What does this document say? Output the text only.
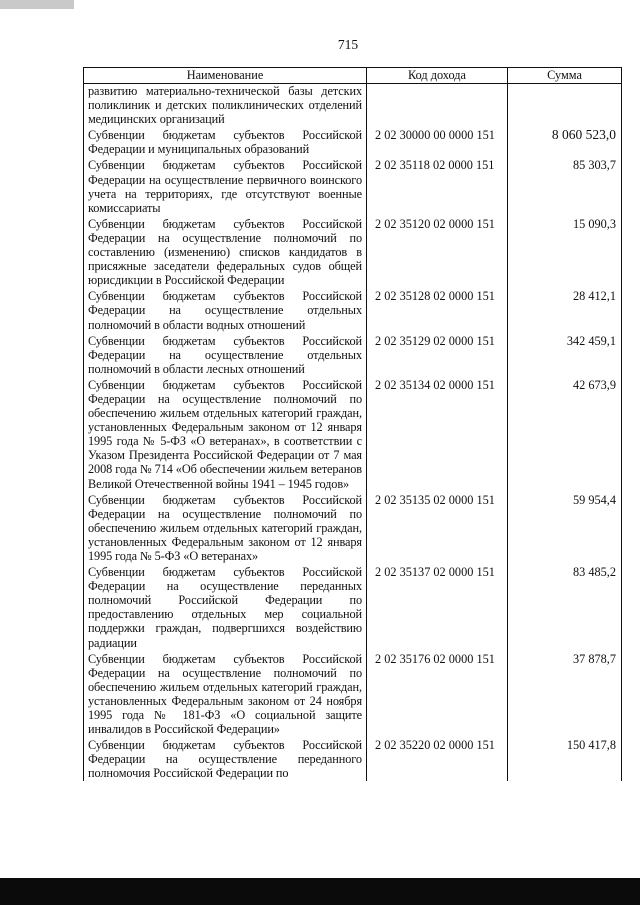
715
Наименование	Код дохода	Сумма
развитию материально-технической базы детских поликлиник и детских поликлинических отделений медицинских организаций		
Субвенции бюджетам субъектов Российской Федерации и муниципальных образований	2 02 30000 00 0000 151	8 060 523,0
Субвенции бюджетам субъектов Российской Федерации на осуществление первичного воинского учета на территориях, где отсутствуют военные комиссариаты	2 02 35118 02 0000 151	85 303,7
Субвенции бюджетам субъектов Российской Федерации на осуществление полномочий по составлению (изменению) списков кандидатов в присяжные заседатели федеральных судов общей юрисдикции в Российской Федерации	2 02 35120 02 0000 151	15 090,3
Субвенции бюджетам субъектов Российской Федерации на осуществление отдельных полномочий в области водных отношений	2 02 35128 02 0000 151	28 412,1
Субвенции бюджетам субъектов Российской Федерации на осуществление отдельных полномочий в области лесных отношений	2 02 35129 02 0000 151	342 459,1
Субвенции бюджетам субъектов Российской Федерации на осуществление полномочий по обеспечению жильем отдельных категорий граждан, установленных Федеральным законом от 12 января 1995 года № 5-ФЗ «О ветеранах», в соответствии с Указом Президента Российской Федерации от 7 мая 2008 года № 714 «Об обеспечении жильем ветеранов Великой Отечественной войны 1941 – 1945 годов»	2 02 35134 02 0000 151	42 673,9
Субвенции бюджетам субъектов Российской Федерации на осуществление полномочий по обеспечению жильем отдельных категорий граждан, установленных Федеральным законом от 12 января 1995 года № 5-ФЗ «О ветеранах»	2 02 35135 02 0000 151	59 954,4
Субвенции бюджетам субъектов Российской Федерации на осуществление переданных полномочий Российской Федерации по предоставлению отдельных мер социальной поддержки граждан, подвергшихся воздействию радиации	2 02 35137 02 0000 151	83 485,2
Субвенции бюджетам субъектов Российской Федерации на осуществление полномочий по обеспечению жильем отдельных категорий граждан, установленных Федеральным законом от 24 ноября 1995 года № 181-ФЗ «О социальной защите инвалидов в Российской Федерации»	2 02 35176 02 0000 151	37 878,7
Субвенции бюджетам субъектов Российской Федерации на осуществление переданного полномочия Российской Федерации по	2 02 35220 02 0000 151	150 417,8
